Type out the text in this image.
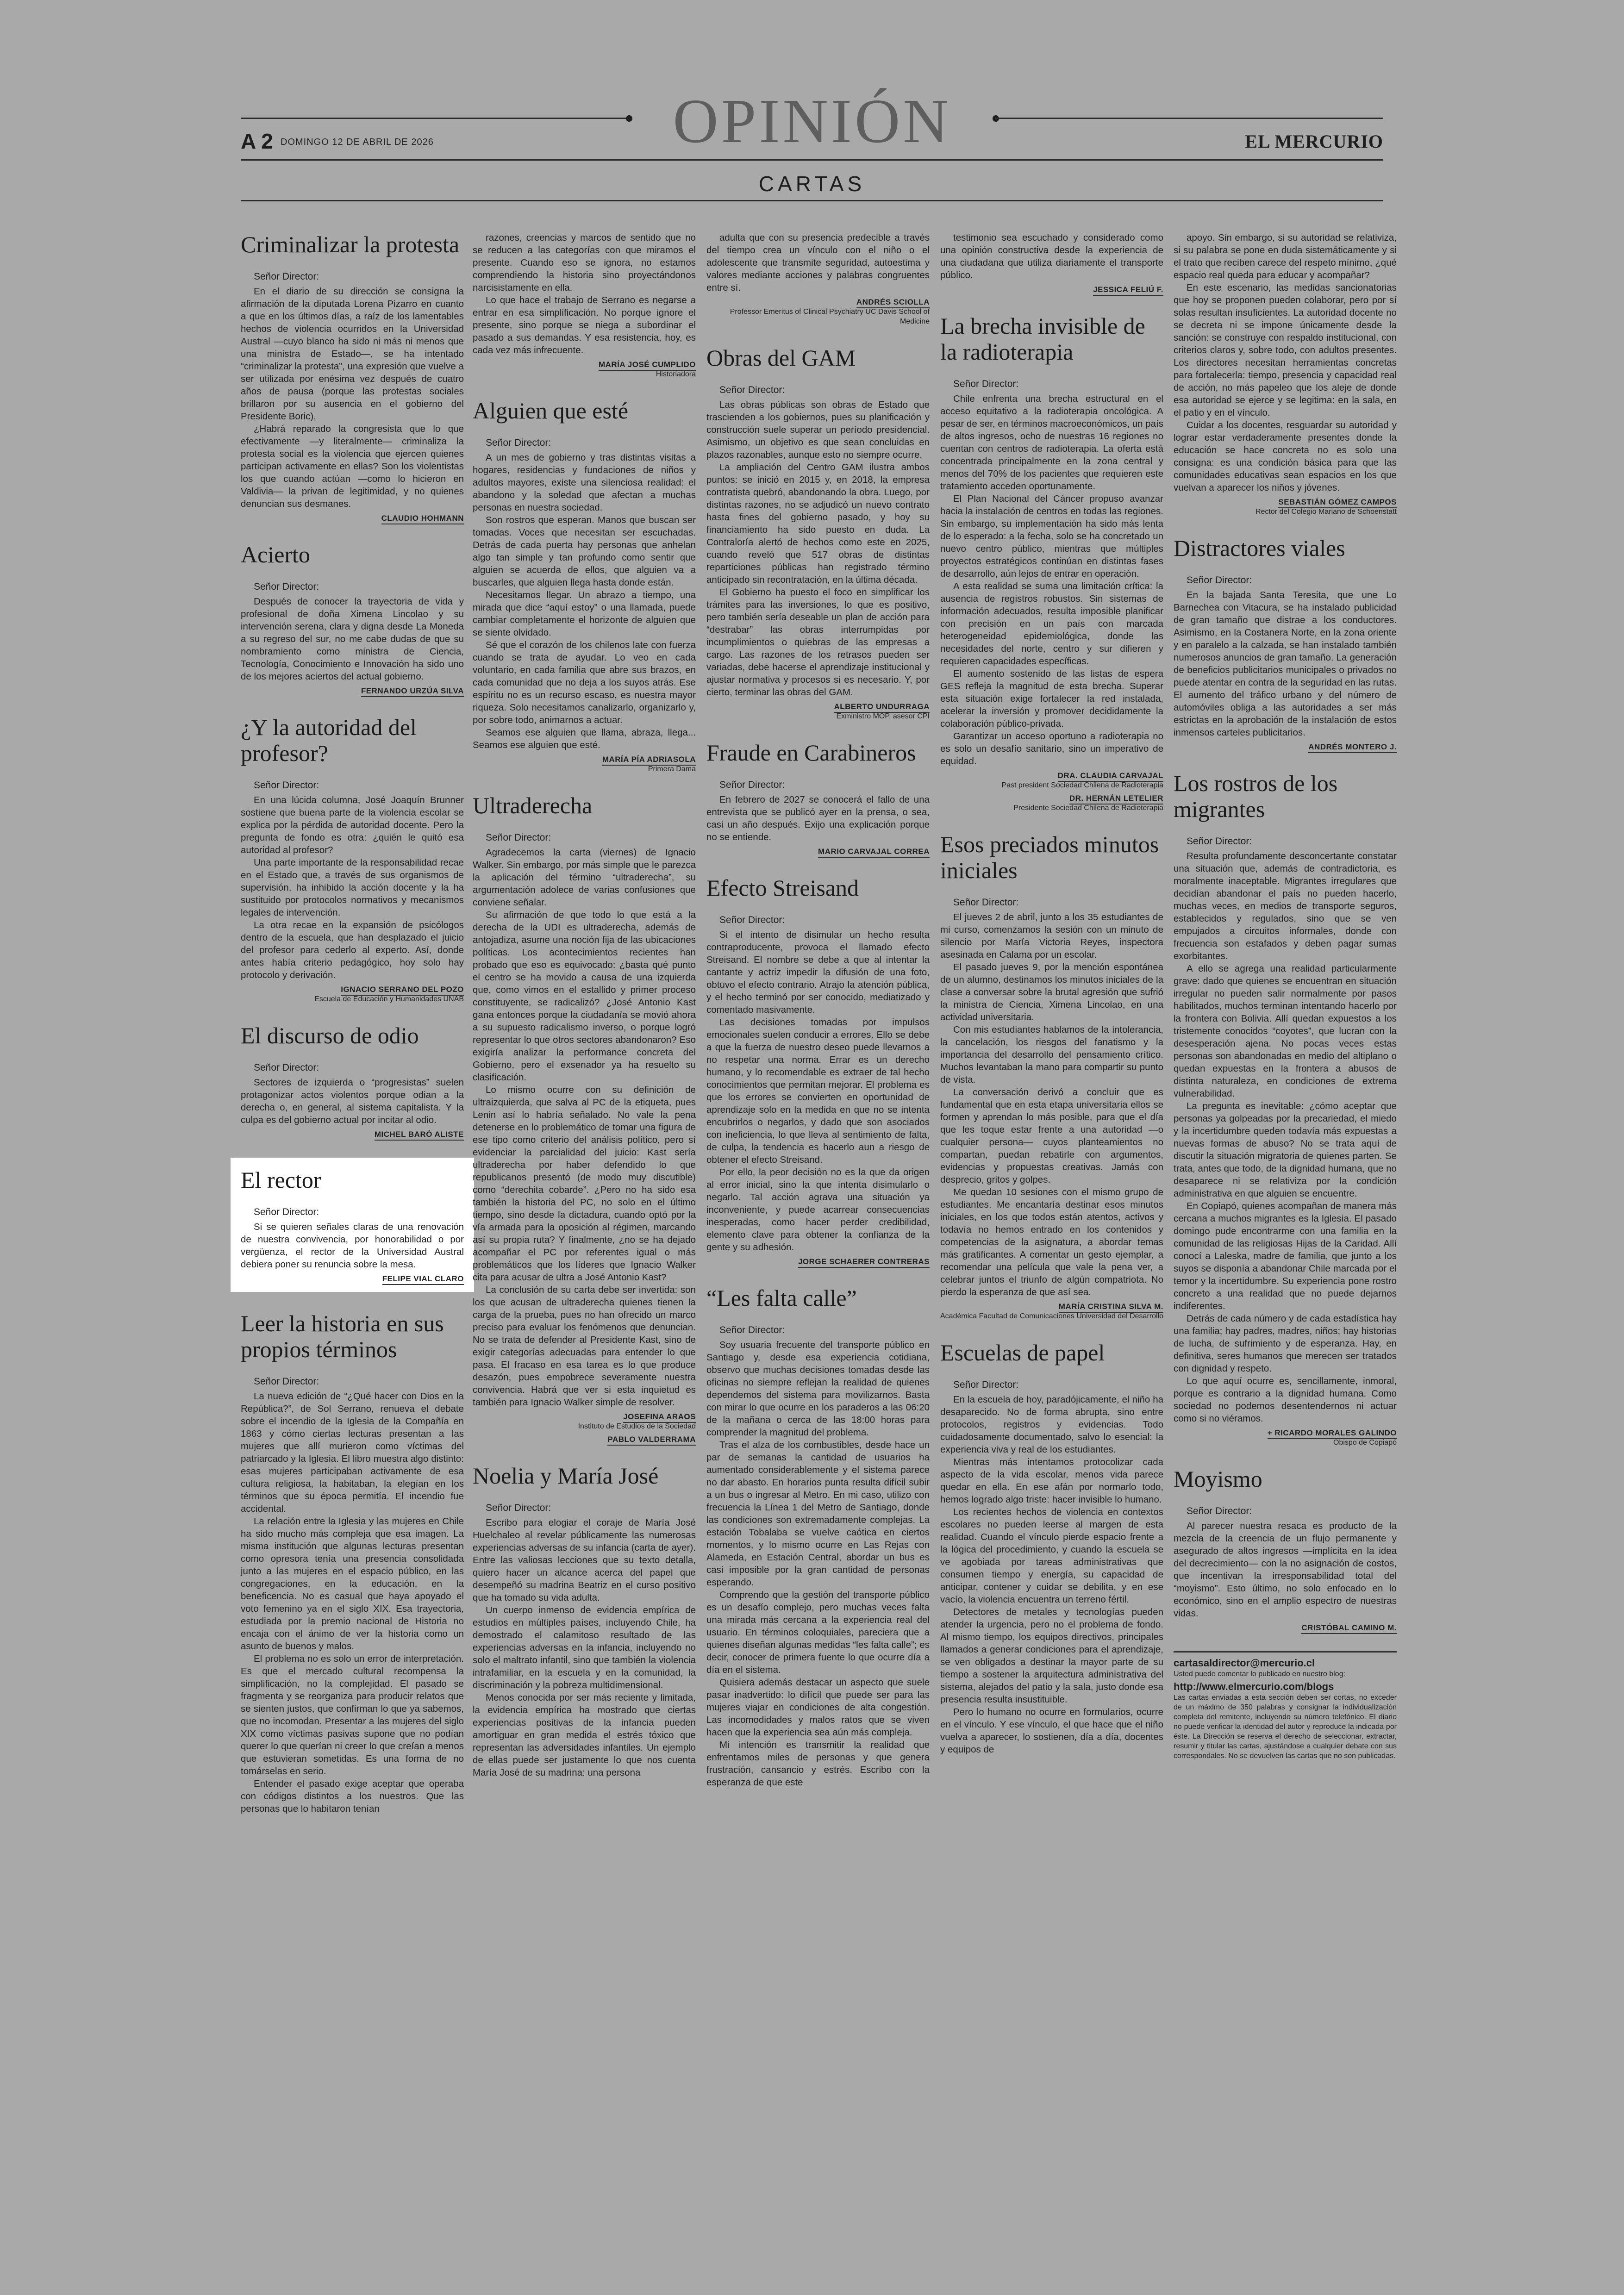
OPINIÓN
A 2 DOMINGO 12 DE ABRIL DE 2026	EL MERCURIO
CARTAS
Criminalizar la protesta
Señor Director:

En el diario de su dirección se consigna la afirmación de la diputada Lorena Pizarro en cuanto a que en los últimos días, a raíz de los lamentables hechos de violencia ocurridos en la Universidad Austral —cuyo blanco ha sido ni más ni menos que una ministra de Estado—, se ha intentado “criminalizar la protesta”, una expresión que vuelve a ser utilizada por enésima vez después de cuatro años de pausa (porque las protestas sociales brillaron por su ausencia en el gobierno del Presidente Boric).

¿Habrá reparado la congresista que lo que efectivamente —y literalmente— criminaliza la protesta social es la violencia que ejercen quienes participan activamente en ellas? Son los violentistas los que cuando actúan —como lo hicieron en Valdivia— la privan de legitimidad, y no quienes denuncian sus desmanes.

CLAUDIO HOHMANN
Acierto
Señor Director:

Después de conocer la trayectoria de vida y profesional de doña Ximena Lincolao y su intervención serena, clara y digna desde La Moneda a su regreso del sur, no me cabe dudas de que su nombramiento como ministra de Ciencia, Tecnología, Conocimiento e Innovación ha sido uno de los mejores aciertos del actual gobierno.

FERNANDO URZÚA SILVA
¿Y la autoridad del profesor?
Señor Director:

En una lúcida columna, José Joaquín Brunner sostiene que buena parte de la violencia escolar se explica por la pérdida de autoridad docente. Pero la pregunta de fondo es otra: ¿quién le quitó esa autoridad al profesor?

Una parte importante de la responsabilidad recae en el Estado que, a través de sus organismos de supervisión, ha inhibido la acción docente y la ha sustituido por protocolos normativos y mecanismos legales de intervención.

La otra recae en la expansión de psicólogos dentro de la escuela, que han desplazado el juicio del profesor para cederlo al experto. Así, donde antes había criterio pedagógico, hoy solo hay protocolo y derivación.

IGNACIO SERRANO DEL POZO
Escuela de Educación y Humanidades UNAB
El discurso de odio
Señor Director:

Sectores de izquierda o “progresistas” suelen protagonizar actos violentos porque odian a la derecha o, en general, al sistema capitalista. Y la culpa es del gobierno actual por incitar al odio.

MICHEL BARÓ ALISTE
El rector
Señor Director:

Si se quieren señales claras de una renovación de nuestra convivencia, por honorabilidad o por vergüenza, el rector de la Universidad Austral debiera poner su renuncia sobre la mesa.

FELIPE VIAL CLARO
Leer la historia en sus propios términos
Señor Director:

La nueva edición de “¿Qué hacer con Dios en la República?”, de Sol Serrano, renueva el debate sobre el incendio de la Iglesia de la Compañía en 1863 y cómo ciertas lecturas presentan a las mujeres que allí murieron como víctimas del patriarcado y la Iglesia. El libro muestra algo distinto: esas mujeres participaban activamente de esa cultura religiosa, la habitaban, la elegían en los términos que su época permitía. El incendio fue accidental.

La relación entre la Iglesia y las mujeres en Chile ha sido mucho más compleja que esa imagen. La misma institución que algunas lecturas presentan como opresora tenía una presencia consolidada junto a las mujeres en el espacio público, en las congregaciones, en la educación, en la beneficencia. No es casual que haya apoyado el voto femenino ya en el siglo XIX. Esa trayectoria, estudiada por la premio nacional de Historia no encaja con el ánimo de ver la historia como un asunto de buenos y malos.

El problema no es solo un error de interpretación. Es que el mercado cultural recompensa la simplificación, no la complejidad. El pasado se fragmenta y se reorganiza para producir relatos que se sienten justos, que confirman lo que ya sabemos, que no incomodan. Presentar a las mujeres del siglo XIX como víctimas pasivas supone que no podían querer lo que querían ni creer lo que creían a menos que estuvieran sometidas. Es una forma de no tomárselas en serio.

Entender el pasado exige aceptar que operaba con códigos distintos a los nuestros. Que las personas que lo habitaron tenían

razones, creencias y marcos de sentido que no se reducen a las categorías con que miramos el presente. Cuando eso se ignora, no estamos comprendiendo la historia sino proyectándonos narcisistamente en ella.

Lo que hace el trabajo de Serrano es negarse a entrar en esa simplificación. No porque ignore el presente, sino porque se niega a subordinar el pasado a sus demandas. Y esa resistencia, hoy, es cada vez más infrecuente.

MARÍA JOSÉ CUMPLIDO
Historiadora
Alguien que esté
Señor Director:

A un mes de gobierno y tras distintas visitas a hogares, residencias y fundaciones de niños y adultos mayores, existe una silenciosa realidad: el abandono y la soledad que afectan a muchas personas en nuestra sociedad.

Son rostros que esperan. Manos que buscan ser tomadas. Voces que necesitan ser escuchadas. Detrás de cada puerta hay personas que anhelan algo tan simple y tan profundo como sentir que alguien se acuerda de ellos, que alguien va a buscarles, que alguien llega hasta donde están.

Necesitamos llegar. Un abrazo a tiempo, una mirada que dice “aquí estoy” o una llamada, puede cambiar completamente el horizonte de alguien que se siente olvidado.

Sé que el corazón de los chilenos late con fuerza cuando se trata de ayudar. Lo veo en cada voluntario, en cada familia que abre sus brazos, en cada comunidad que no deja a los suyos atrás. Ese espíritu no es un recurso escaso, es nuestra mayor riqueza. Solo necesitamos canalizarlo, organizarlo y, por sobre todo, animarnos a actuar.

Seamos ese alguien que llama, abraza, llega... Seamos ese alguien que esté.

MARÍA PÍA ADRIASOLA
Primera Dama
Ultraderecha
Señor Director:

Agradecemos la carta (viernes) de Ignacio Walker. Sin embargo, por más simple que le parezca la aplicación del término “ultraderecha”, su argumentación adolece de varias confusiones que conviene señalar.

Su afirmación de que todo lo que está a la derecha de la UDI es ultraderecha, además de antojadiza, asume una noción fija de las ubicaciones políticas. Los acontecimientos recientes han probado que eso es equivocado: ¿basta qué punto el centro se ha movido a causa de una izquierda que, como vimos en el estallido y primer proceso constituyente, se radicalizó? ¿José Antonio Kast gana entonces porque la ciudadanía se movió ahora a su supuesto radicalismo inverso, o porque logró representar lo que otros sectores abandonaron? Eso exigiría analizar la performance concreta del Gobierno, pero el exsenador ya ha resuelto su clasificación.

Lo mismo ocurre con su definición de ultraizquierda, que salva al PC de la etiqueta, pues Lenin así lo habría señalado. No vale la pena detenerse en lo problemático de tomar una figura de ese tipo como criterio del análisis político, pero sí evidenciar la parcialidad del juicio: Kast sería ultraderecha por haber defendido lo que republicanos presentó (de modo muy discutible) como “derechita cobarde”. ¿Pero no ha sido esa también la historia del PC, no solo en el último tiempo, sino desde la dictadura, cuando optó por la vía armada para la oposición al régimen, marcando así su propia ruta? Y finalmente, ¿no se ha dejado acompañar el PC por referentes igual o más problemáticos que los líderes que Ignacio Walker cita para acusar de ultra a José Antonio Kast?

La conclusión de su carta debe ser invertida: son los que acusan de ultraderecha quienes tienen la carga de la prueba, pues no han ofrecido un marco preciso para evaluar los fenómenos que denuncian. No se trata de defender al Presidente Kast, sino de exigir categorías adecuadas para entender lo que pasa. El fracaso en esa tarea es lo que produce desazón, pues empobrece severamente nuestra convivencia. Habrá que ver si esta inquietud es también para Ignacio Walker simple de resolver.

JOSEFINA ARAOS
Instituto de Estudios de la Sociedad
PABLO VALDERRAMA
Noelia y María José
Señor Director:

Escribo para elogiar el coraje de María José Huelchaleo al revelar públicamente las numerosas experiencias adversas de su infancia (carta de ayer). Entre las valiosas lecciones que su texto detalla, quiero hacer un alcance acerca del papel que desempeñó su madrina Beatriz en el curso positivo que ha tomado su vida adulta.

Un cuerpo inmenso de evidencia empírica de estudios en múltiples países, incluyendo Chile, ha demostrado el calamitoso resultado de las experiencias adversas en la infancia, incluyendo no solo el maltrato infantil, sino que también la violencia intrafamiliar, en la escuela y en la comunidad, la discriminación y la pobreza multidimensional.

Menos conocida por ser más reciente y limitada, la evidencia empírica ha mostrado que ciertas experiencias positivas de la infancia pueden amortiguar en gran medida el estrés tóxico que representan las adversidades infantiles. Un ejemplo de ellas puede ser justamente lo que nos cuenta María José de su madrina: una persona

adulta que con su presencia predecible a través del tiempo crea un vínculo con el niño o el adolescente que transmite seguridad, autoestima y valores mediante acciones y palabras congruentes entre sí.

ANDRÉS SCIOLLA
Professor Emeritus of Clinical Psychiatry UC Davis School of Medicine
Obras del GAM
Señor Director:

Las obras públicas son obras de Estado que trascienden a los gobiernos, pues su planificación y construcción suele superar un período presidencial. Asimismo, un objetivo es que sean concluidas en plazos razonables, aunque esto no siempre ocurre.

La ampliación del Centro GAM ilustra ambos puntos: se inició en 2015 y, en 2018, la empresa contratista quebró, abandonando la obra. Luego, por distintas razones, no se adjudicó un nuevo contrato hasta fines del gobierno pasado, y hoy su financiamiento ha sido puesto en duda. La Contraloría alertó de hechos como este en 2025, cuando reveló que 517 obras de distintas reparticiones públicas han registrado término anticipado sin recontratación, en la última década.

El Gobierno ha puesto el foco en simplificar los trámites para las inversiones, lo que es positivo, pero también sería deseable un plan de acción para “destrabar” las obras interrumpidas por incumplimientos o quiebras de las empresas a cargo. Las razones de los retrasos pueden ser variadas, debe hacerse el aprendizaje institucional y ajustar normativa y procesos si es necesario. Y, por cierto, terminar las obras del GAM.

ALBERTO UNDURRAGA
Exministro MOP, asesor CPI
Fraude en Carabineros
Señor Director:

En febrero de 2027 se conocerá el fallo de una entrevista que se publicó ayer en la prensa, o sea, casi un año después. Exijo una explicación porque no se entiende.

MARIO CARVAJAL CORREA
Efecto Streisand
Señor Director:

Si el intento de disimular un hecho resulta contraproducente, provoca el llamado efecto Streisand. El nombre se debe a que al intentar la cantante y actriz impedir la difusión de una foto, obtuvo el efecto contrario. Atrajo la atención pública, y el hecho terminó por ser conocido, mediatizado y comentado masivamente.

Las decisiones tomadas por impulsos emocionales suelen conducir a errores. Ello se debe a que la fuerza de nuestro deseo puede llevarnos a no respetar una norma. Errar es un derecho humano, y lo recomendable es extraer de tal hecho conocimientos que permitan mejorar. El problema es que los errores se convierten en oportunidad de aprendizaje solo en la medida en que no se intenta encubrirlos o negarlos, y dado que son asociados con ineficiencia, lo que lleva al sentimiento de falta, de culpa, la tendencia es hacerlo aun a riesgo de obtener el efecto Streisand.

Por ello, la peor decisión no es la que da origen al error inicial, sino la que intenta disimularlo o negarlo. Tal acción agrava una situación ya inconveniente, y puede acarrear consecuencias inesperadas, como hacer perder credibilidad, elemento clave para obtener la confianza de la gente y su adhesión.

JORGE SCHAERER CONTRERAS
“Les falta calle”
Señor Director:

Soy usuaria frecuente del transporte público en Santiago y, desde esa experiencia cotidiana, observo que muchas decisiones tomadas desde las oficinas no siempre reflejan la realidad de quienes dependemos del sistema para movilizarnos. Basta con mirar lo que ocurre en los paraderos a las 06:20 de la mañana o cerca de las 18:00 horas para comprender la magnitud del problema.

Tras el alza de los combustibles, desde hace un par de semanas la cantidad de usuarios ha aumentado considerablemente y el sistema parece no dar abasto. En horarios punta resulta difícil subir a un bus o ingresar al Metro. En mi caso, utilizo con frecuencia la Línea 1 del Metro de Santiago, donde las condiciones son extremadamente complejas. La estación Tobalaba se vuelve caótica en ciertos momentos, y lo mismo ocurre en Las Rejas con Alameda, en Estación Central, abordar un bus es casi imposible por la gran cantidad de personas esperando.

Comprendo que la gestión del transporte público es un desafío complejo, pero muchas veces falta una mirada más cercana a la experiencia real del usuario. En términos coloquiales, pareciera que a quienes diseñan algunas medidas “les falta calle”; es decir, conocer de primera fuente lo que ocurre día a día en el sistema.

Quisiera además destacar un aspecto que suele pasar inadvertido: lo difícil que puede ser para las mujeres viajar en condiciones de alta congestión. Las incomodidades y malos ratos que se viven hacen que la experiencia sea aún más compleja.

Mi intención es transmitir la realidad que enfrentamos miles de personas y que genera frustración, cansancio y estrés. Escribo con la esperanza de que este

testimonio sea escuchado y considerado como una opinión constructiva desde la experiencia de una ciudadana que utiliza diariamente el transporte público.

JESSICA FELIÚ F.
La brecha invisible de la radioterapia
Señor Director:

Chile enfrenta una brecha estructural en el acceso equitativo a la radioterapia oncológica. A pesar de ser, en términos macroeconómicos, un país de altos ingresos, ocho de nuestras 16 regiones no cuentan con centros de radioterapia. La oferta está concentrada principalmente en la zona central y menos del 70% de los pacientes que requieren este tratamiento acceden oportunamente.

El Plan Nacional del Cáncer propuso avanzar hacia la instalación de centros en todas las regiones. Sin embargo, su implementación ha sido más lenta de lo esperado: a la fecha, solo se ha concretado un nuevo centro público, mientras que múltiples proyectos estratégicos continúan en distintas fases de desarrollo, aún lejos de entrar en operación.

A esta realidad se suma una limitación crítica: la ausencia de registros robustos. Sin sistemas de información adecuados, resulta imposible planificar con precisión en un país con marcada heterogeneidad epidemiológica, donde las necesidades del norte, centro y sur difieren y requieren capacidades específicas.

El aumento sostenido de las listas de espera GES refleja la magnitud de esta brecha. Superar esta situación exige fortalecer la red instalada, acelerar la inversión y promover decididamente la colaboración público-privada.

Garantizar un acceso oportuno a radioterapia no es solo un desafío sanitario, sino un imperativo de equidad.

DRA. CLAUDIA CARVAJAL
Past president Sociedad Chilena de Radioterapia
DR. HERNÁN LETELIER
Presidente Sociedad Chilena de Radioterapia
Esos preciados minutos iniciales
Señor Director:

El jueves 2 de abril, junto a los 35 estudiantes de mi curso, comenzamos la sesión con un minuto de silencio por María Victoria Reyes, inspectora asesinada en Calama por un escolar.

El pasado jueves 9, por la mención espontánea de un alumno, destinamos los minutos iniciales de la clase a conversar sobre la brutal agresión que sufrió la ministra de Ciencia, Ximena Lincolao, en una actividad universitaria.

Con mis estudiantes hablamos de la intolerancia, la cancelación, los riesgos del fanatismo y la importancia del desarrollo del pensamiento crítico. Muchos levantaban la mano para compartir su punto de vista.

La conversación derivó a concluir que es fundamental que en esta etapa universitaria ellos se formen y aprendan lo más posible, para que el día que les toque estar frente a una autoridad —o cualquier persona— cuyos planteamientos no compartan, puedan rebatirle con argumentos, evidencias y propuestas creativas. Jamás con desprecio, gritos y golpes.

Me quedan 10 sesiones con el mismo grupo de estudiantes. Me encantaría destinar esos minutos iniciales, en los que todos están atentos, activos y todavía no hemos entrado en los contenidos y competencias de la asignatura, a abordar temas más gratificantes. A comentar un gesto ejemplar, a recomendar una película que vale la pena ver, a celebrar juntos el triunfo de algún compatriota. No pierdo la esperanza de que así sea.

MARÍA CRISTINA SILVA M.
Académica Facultad de Comunicaciones Universidad del Desarrollo
Escuelas de papel
Señor Director:

En la escuela de hoy, paradójicamente, el niño ha desaparecido. No de forma abrupta, sino entre protocolos, registros y evidencias. Todo cuidadosamente documentado, salvo lo esencial: la experiencia viva y real de los estudiantes.

Mientras más intentamos protocolizar cada aspecto de la vida escolar, menos vida parece quedar en ella. En ese afán por normarlo todo, hemos logrado algo triste: hacer invisible lo humano.

Los recientes hechos de violencia en contextos escolares no pueden leerse al margen de esta realidad. Cuando el vínculo pierde espacio frente a la lógica del procedimiento, y cuando la escuela se ve agobiada por tareas administrativas que consumen tiempo y energía, su capacidad de anticipar, contener y cuidar se debilita, y en ese vacío, la violencia encuentra un terreno fértil.

Detectores de metales y tecnologías pueden atender la urgencia, pero no el problema de fondo. Al mismo tiempo, los equipos directivos, principales llamados a generar condiciones para el aprendizaje, se ven obligados a destinar la mayor parte de su tiempo a sostener la arquitectura administrativa del sistema, alejados del patio y la sala, justo donde esa presencia resulta insustituible.

Pero lo humano no ocurre en formularios, ocurre en el vínculo. Y ese vínculo, el que hace que el niño vuelva a aparecer, lo sostienen, día a día, docentes y equipos de

apoyo. Sin embargo, si su autoridad se relativiza, si su palabra se pone en duda sistemáticamente y si el trato que reciben carece del respeto mínimo, ¿qué espacio real queda para educar y acompañar?

En este escenario, las medidas sancionatorias que hoy se proponen pueden colaborar, pero por sí solas resultan insuficientes. La autoridad docente no se decreta ni se impone únicamente desde la sanción: se construye con respaldo institucional, con criterios claros y, sobre todo, con adultos presentes. Los directores necesitan herramientas concretas para fortalecerla: tiempo, presencia y capacidad real de acción, no más papeleo que los aleje de donde esa autoridad se ejerce y se legitima: en la sala, en el patio y en el vínculo.

Cuidar a los docentes, resguardar su autoridad y lograr estar verdaderamente presentes donde la educación se hace concreta no es solo una consigna: es una condición básica para que las comunidades educativas sean espacios en los que vuelvan a aparecer los niños y jóvenes.

SEBASTIÁN GÓMEZ CAMPOS
Rector del Colegio Mariano de Schoenstatt
Distractores viales
Señor Director:

En la bajada Santa Teresita, que une Lo Barnechea con Vitacura, se ha instalado publicidad de gran tamaño que distrae a los conductores. Asimismo, en la Costanera Norte, en la zona oriente y en paralelo a la calzada, se han instalado también numerosos anuncios de gran tamaño. La generación de beneficios publicitarios municipales o privados no puede atentar en contra de la seguridad en las rutas. El aumento del tráfico urbano y del número de automóviles obliga a las autoridades a ser más estrictas en la aprobación de la instalación de estos inmensos carteles publicitarios.

ANDRÉS MONTERO J.
Los rostros de los migrantes
Señor Director:

Resulta profundamente desconcertante constatar una situación que, además de contradictoria, es moralmente inaceptable. Migrantes irregulares que decidían abandonar el país no pueden hacerlo, muchas veces, en medios de transporte seguros, establecidos y regulados, sino que se ven empujados a circuitos informales, donde con frecuencia son estafados y deben pagar sumas exorbitantes.

A ello se agrega una realidad particularmente grave: dado que quienes se encuentran en situación irregular no pueden salir normalmente por pasos habilitados, muchos terminan intentando hacerlo por la frontera con Bolivia. Allí quedan expuestos a los tristemente conocidos “coyotes”, que lucran con la desesperación ajena. No pocas veces estas personas son abandonadas en medio del altiplano o quedan expuestas en la frontera a abusos de distinta naturaleza, en condiciones de extrema vulnerabilidad.

La pregunta es inevitable: ¿cómo aceptar que personas ya golpeadas por la precariedad, el miedo y la incertidumbre queden todavía más expuestas a nuevas formas de abuso? No se trata aquí de discutir la situación migratoria de quienes parten. Se trata, antes que todo, de la dignidad humana, que no desaparece ni se relativiza por la condición administrativa en que alguien se encuentre.

En Copiapó, quienes acompañan de manera más cercana a muchos migrantes es la Iglesia. El pasado domingo pude encontrarme con una familia en la comunidad de las religiosas Hijas de la Caridad. Allí conocí a Laleska, madre de familia, que junto a los suyos se disponía a abandonar Chile marcada por el temor y la incertidumbre. Su experiencia pone rostro concreto a una realidad que no puede dejarnos indiferentes.

Detrás de cada número y de cada estadística hay una familia; hay padres, madres, niños; hay historias de lucha, de sufrimiento y de esperanza. Hay, en definitiva, seres humanos que merecen ser tratados con dignidad y respeto.

Lo que aquí ocurre es, sencillamente, inmoral, porque es contrario a la dignidad humana. Como sociedad no podemos desentendernos ni actuar como si no viéramos.

+ RICARDO MORALES GALINDO
Obispo de Copiapó
Moyismo
Señor Director:

Al parecer nuestra resaca es producto de la mezcla de la creencia de un flujo permanente y asegurado de altos ingresos —implícita en la idea del decrecimiento— con la no asignación de costos, que incentivan la irresponsabilidad total del “moyismo”. Esto último, no solo enfocado en lo económico, sino en el amplio espectro de nuestras vidas.

CRISTÓBAL CAMINO M.
cartasaldirector@mercurio.cl
Usted puede comentar lo publicado en nuestro blog:
http://www.elmercurio.com/blogs
Las cartas enviadas a esta sección deben ser cortas, no exceder de un máximo de 350 palabras y consignar la individualización completa del remitente, incluyendo su número telefónico. El diario no puede verificar la identidad del autor y reproduce la indicada por éste. La Dirección se reserva el derecho de seleccionar, extractar, resumir y titular las cartas, ajustándose a cualquier debate con sus correspondales. No se devuelven las cartas que no son publicadas.
